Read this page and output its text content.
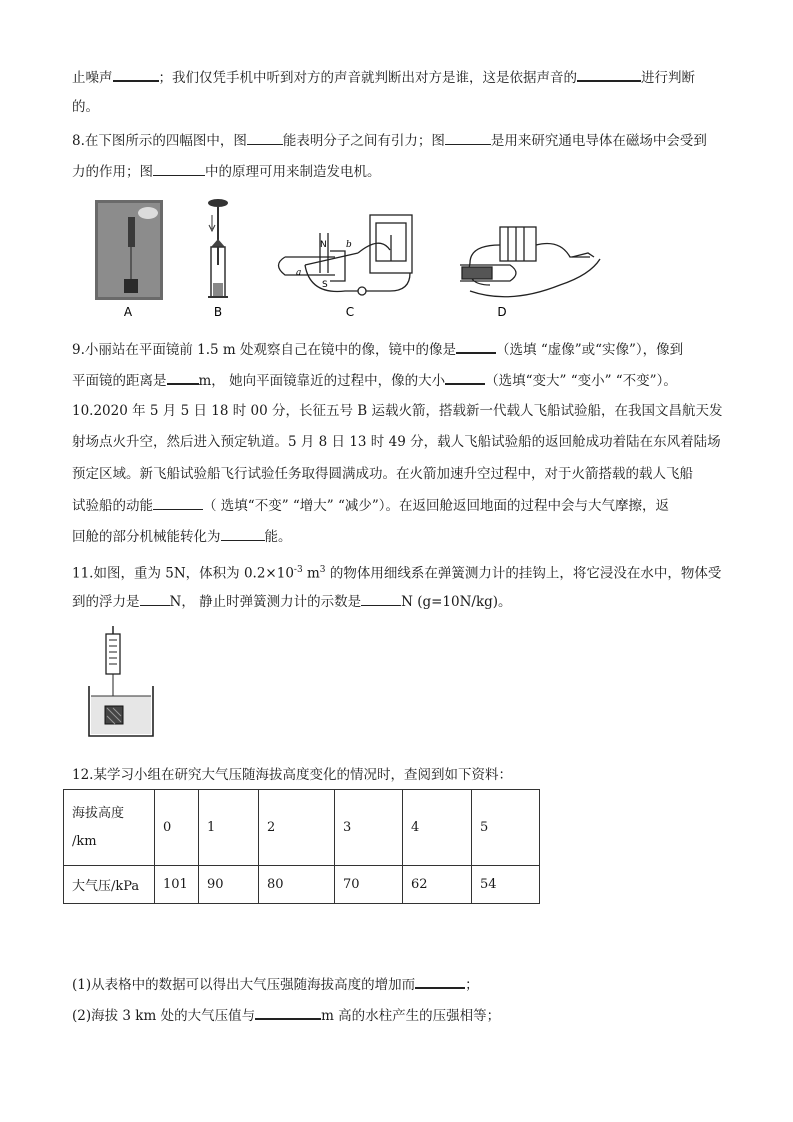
止噪声	；我们仅凭手机中听到对方的声音就判断出对方是谁，这是依据声音的	进行判断
的。
8.在下图所示的四幅图中，图	能表明分子之间有引力；图	是用来研究通电导体在磁场中会受到
力的作用；图	中的原理可用来制造发电机。
A	B
N
S
a
b
C	D
9.小丽站在平面镜前 1.5 m 处观察自己在镜中的像，镜中的像是	（选填 “虚像”或“实像”），像到
平面镜的距离是 m， 她向平面镜靠近的过程中，像的大小	（选填“变大” “变小” “不变”）。
10.2020 年 5 月 5 日 18 时 00 分，长征五号 B 运载火箭，搭载新一代载人飞船试验船，在我国文昌航天发
射场点火升空，然后进入预定轨道。5 月 8 日 13 时 49 分，载人飞船试验船的返回舱成功着陆在东风着陆场
预定区域。新飞船试验船飞行试验任务取得圆满成功。在火箭加速升空过程中，对于火箭搭载的载人飞船
试验船的动能	（ 选填“不变” “增大” “减少”）。在返回舱返回地面的过程中会与大气摩擦，返
回舱的部分机械能转化为	能。
11.如图，重为 5N，体积为 $0.2\times 10^{-3}$ $m^3$ 的物体用细线系在弹簧测力计的挂钩上，将它浸没在水中，物体受
到的浮力是 N， 静止时弹簧测力计的示数是	N (g=10N/kg)。
12.某学习小组在研究大气压随海拔高度变化的情况时，查阅到如下资料：
海拔高度
/km	0	1	2	3	4	5
大气压/kPa	101	90	80	70	62	54
(1)从表格中的数据可以得出大气压强随海拔高度的增加而	；
(2)海拔 3 km 处的大气压值与	m 高的水柱产生的压强相等；
